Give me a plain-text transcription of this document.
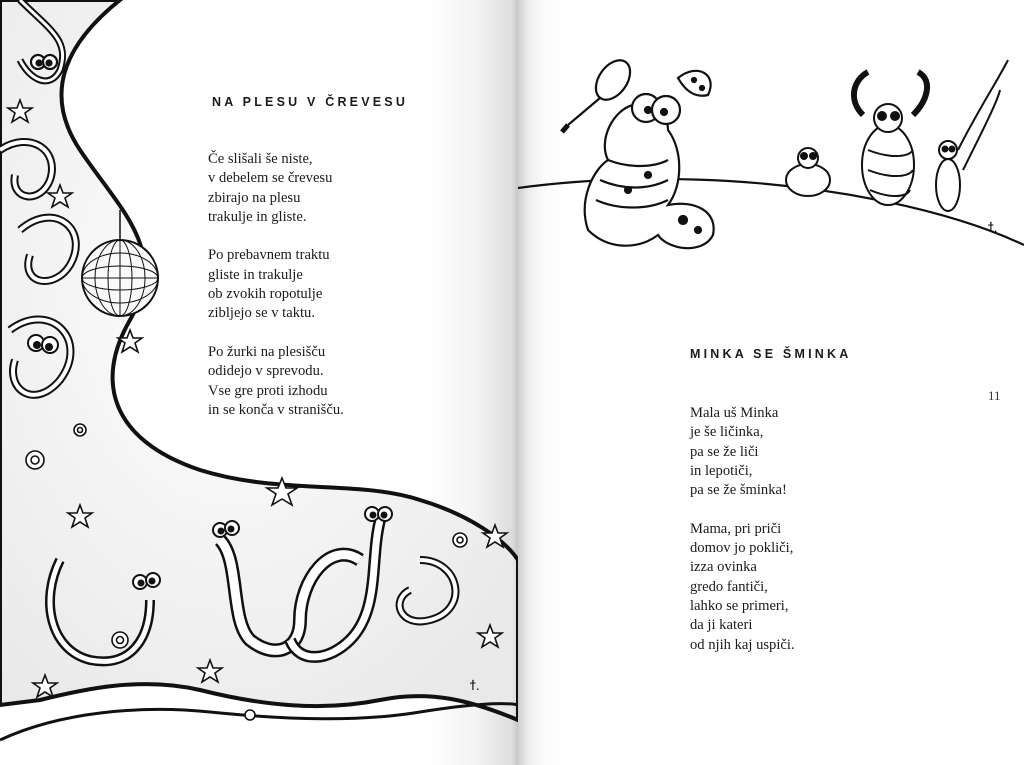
ϯ.
NA PLESU V ČREVESU
Če slišali še niste,
v debelem se črevesu
zbirajo na plesu
trakulje in gliste.
Po prebavnem traktu
gliste in trakulje
ob zvokih ropotulje
zibljejo se v taktu.
Po žurki na plesišču
odidejo v sprevodu.
Vse gre proti izhodu
in se konča v stranišču.
ϯ.
MINKA SE ŠMINKA
11
Mala uš Minka
je še ličinka,
pa se že liči
in lepotiči,
pa se že šminka!
Mama, pri priči
domov jo pokliči,
izza ovinka
gredo fantiči,
lahko se primeri,
da ji kateri
od njih kaj uspiči.
